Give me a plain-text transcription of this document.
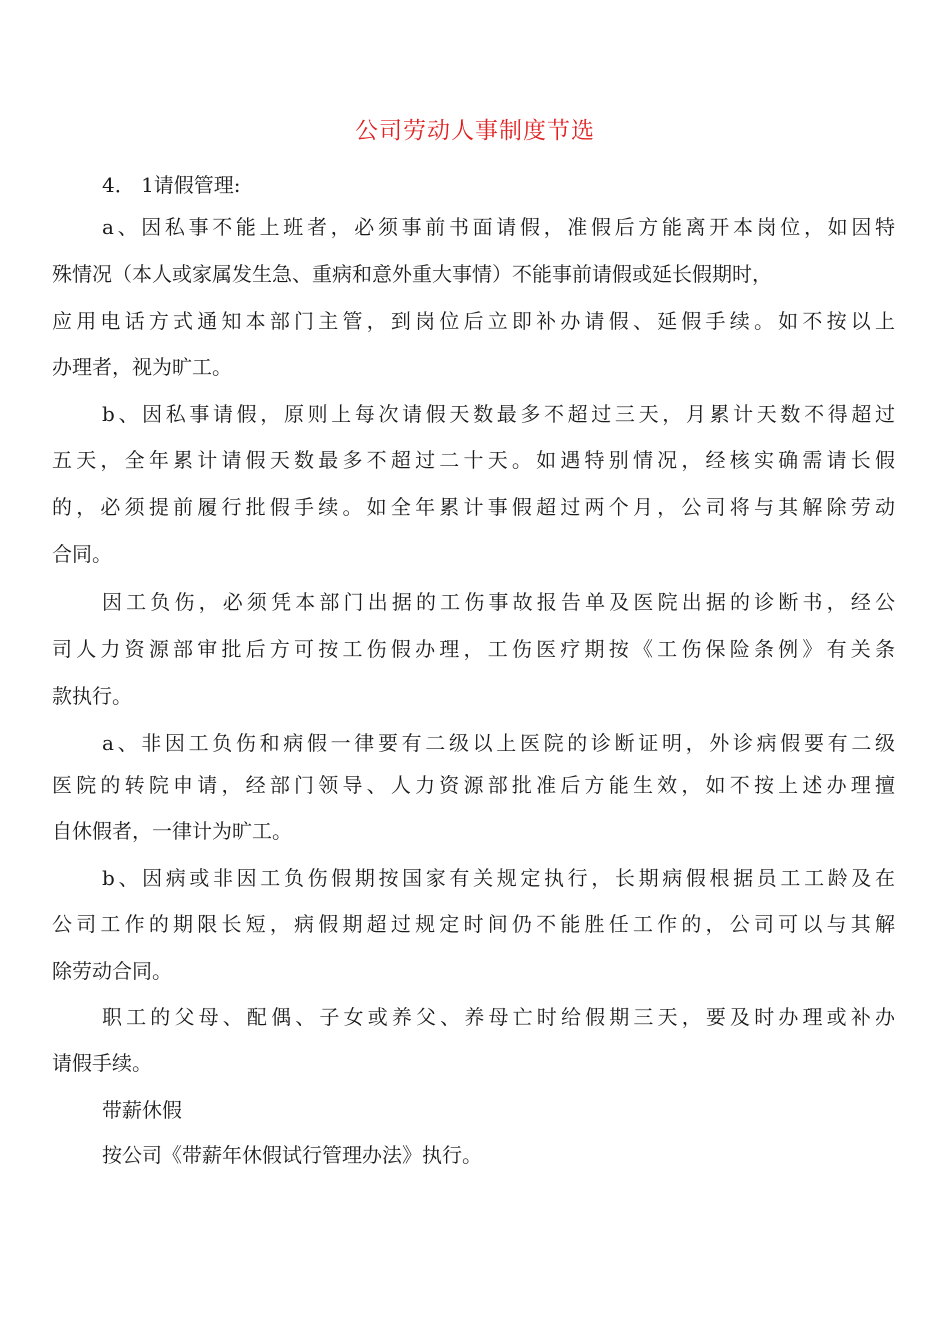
公司劳动人事制度节选
4． 1请假管理:
a、因私事不能上班者，必须事前书面请假，准假后方能离开本岗位，如因特
殊情况（本人或家属发生急、重病和意外重大事情）不能事前请假或延长假期时，
应用电话方式通知本部门主管，到岗位后立即补办请假、延假手续。如不按以上
办理者，视为旷工。
b、因私事请假，原则上每次请假天数最多不超过三天，月累计天数不得超过
五天，全年累计请假天数最多不超过二十天。如遇特别情况，经核实确需请长假
的，必须提前履行批假手续。如全年累计事假超过两个月，公司将与其解除劳动
合同。
因工负伤，必须凭本部门出据的工伤事故报告单及医院出据的诊断书，经公
司人力资源部审批后方可按工伤假办理，工伤医疗期按《工伤保险条例》有关条
款执行。
a、非因工负伤和病假一律要有二级以上医院的诊断证明，外诊病假要有二级
医院的转院申请，经部门领导、人力资源部批准后方能生效，如不按上述办理擅
自休假者，一律计为旷工。
b、因病或非因工负伤假期按国家有关规定执行，长期病假根据员工工龄及在
公司工作的期限长短，病假期超过规定时间仍不能胜任工作的，公司可以与其解
除劳动合同。
职工的父母、配偶、子女或养父、养母亡时给假期三天，要及时办理或补办
请假手续。
带薪休假
按公司《带薪年休假试行管理办法》执行。
